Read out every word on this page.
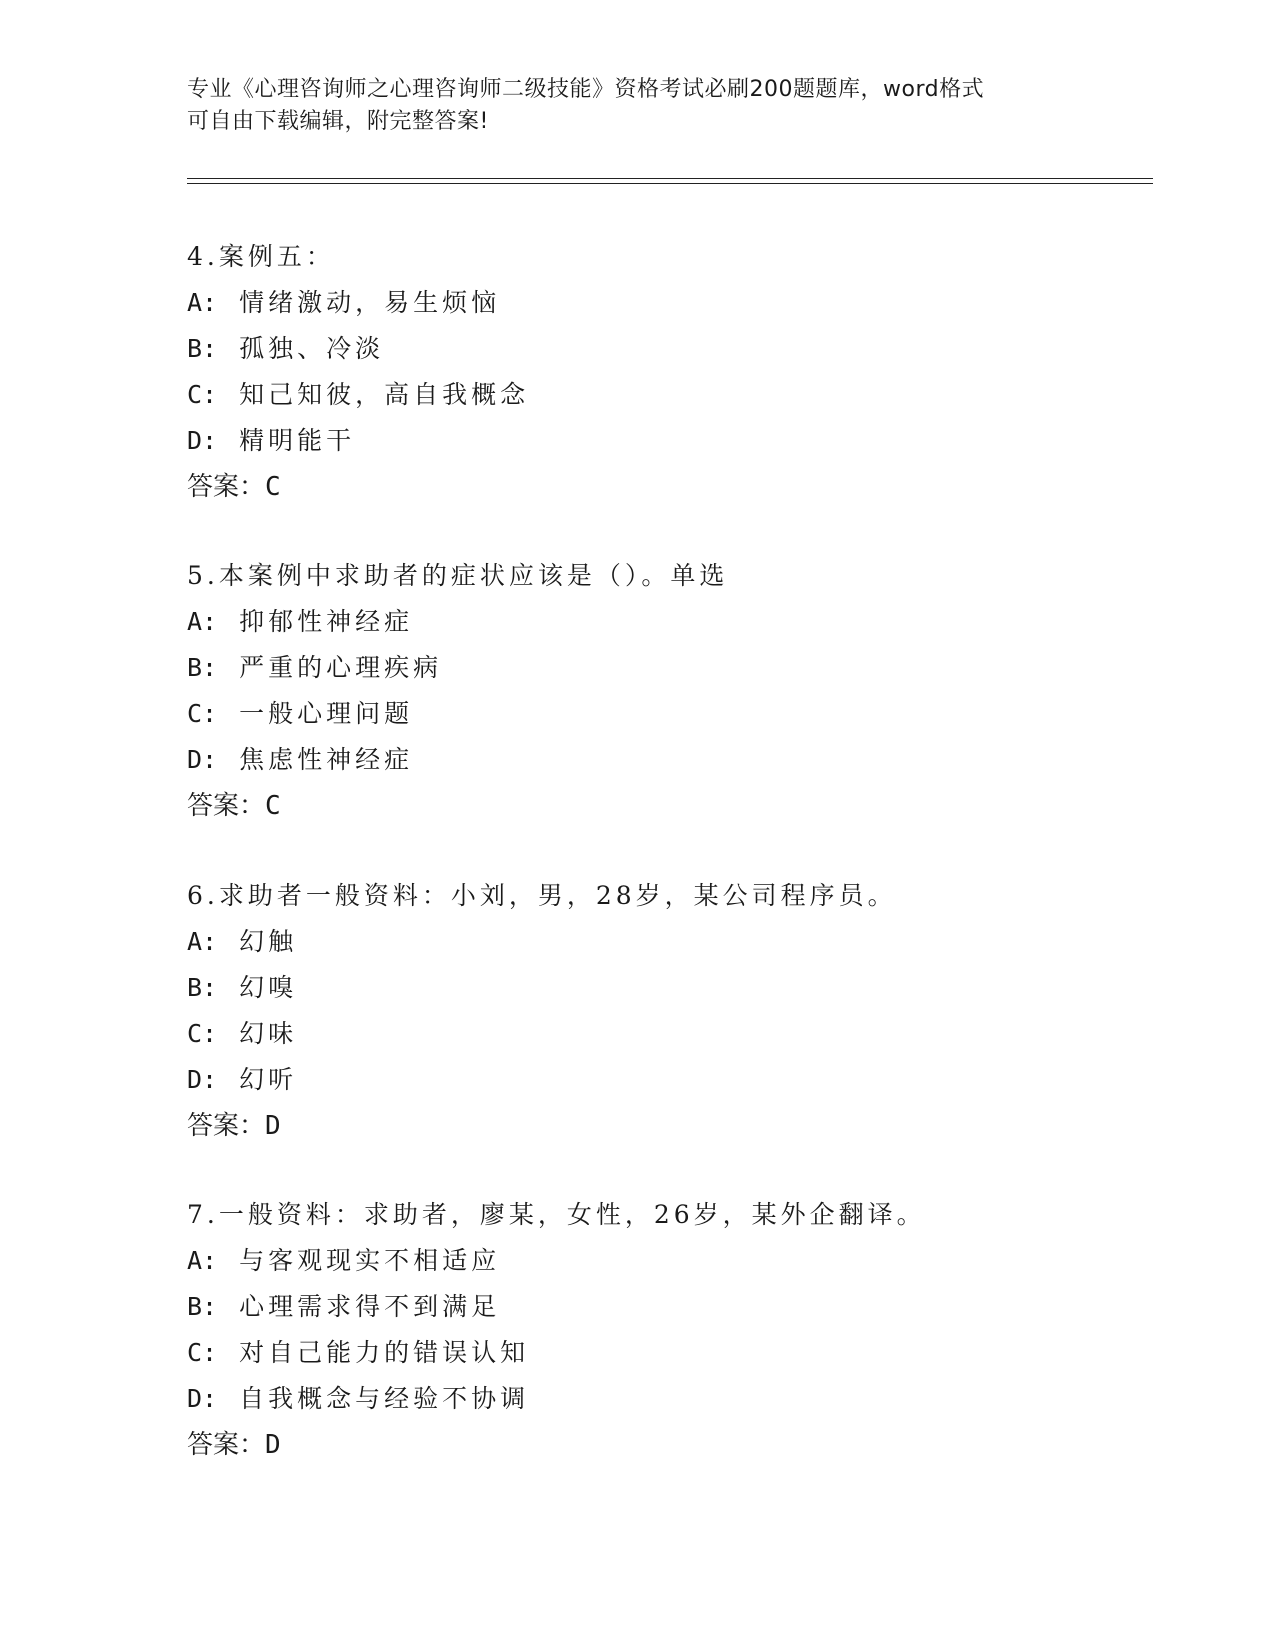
专业《心理咨询师之心理咨询师二级技能》资格考试必刷200题题库，word格式
可自由下载编辑，附完整答案!
4.案例五：
A: 情绪激动，易生烦恼
B: 孤独、冷淡
C: 知己知彼，高自我概念
D: 精明能干
答案：C
5.本案例中求助者的症状应该是（）。单选
A: 抑郁性神经症
B: 严重的心理疾病
C: 一般心理问题
D: 焦虑性神经症
答案：C
6.求助者一般资料：小刘，男，28岁，某公司程序员。
A: 幻触
B: 幻嗅
C: 幻味
D: 幻听
答案：D
7.一般资料：求助者，廖某，女性，26岁，某外企翻译。
A: 与客观现实不相适应
B: 心理需求得不到满足
C: 对自己能力的错误认知
D: 自我概念与经验不协调
答案：D
